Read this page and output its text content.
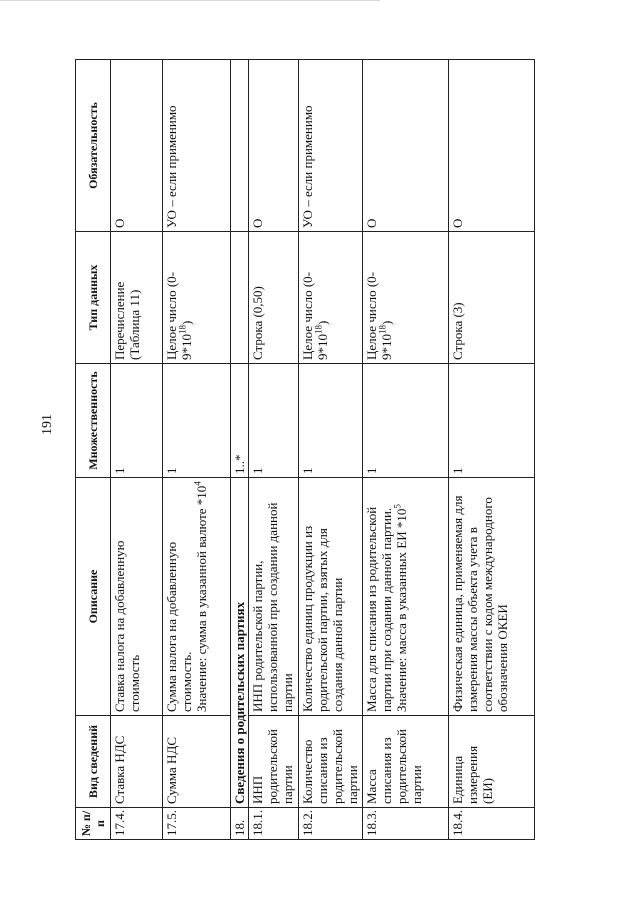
191
№ п/п	Вид сведений	Описание	Множественность	Тип данных	Обязательность
17.4.	Ставка НДС	Ставка налога на добавленную стоимость	1	Перечисление (Таблица 11)	О
17.5.	Сумма НДС	Сумма налога на добавленную стоимость. Значение: сумма в указанной валюте $*10^4$	1	Целое число $(0-9*10^{18})$	УО – если применимо
18.	Сведения о родительских партиях		1..*		
18.1.	ИНП родительской партии	ИНП родительской партии, использованной при создании данной партии	1	Строка (0,50)	О
18.2.	Количество списания из родительской партии	Количество единиц продукции из родительской партии, взятых для создания данной партии	1	Целое число $(0-9*10^{18})$	УО – если применимо
18.3.	Масса списания из родительской партии	Масса для списания из родительской партии при создании данной партии. Значение: масса в указанных ЕИ $*10^5$	1	Целое число $(0-9*10^{18})$	О
18.4.	Единица измерения (ЕИ)	Физическая единица, применяемая для измерения массы объекта учета в соответствии с кодом международного обозначения ОКЕИ	1	Строка (3)	О
